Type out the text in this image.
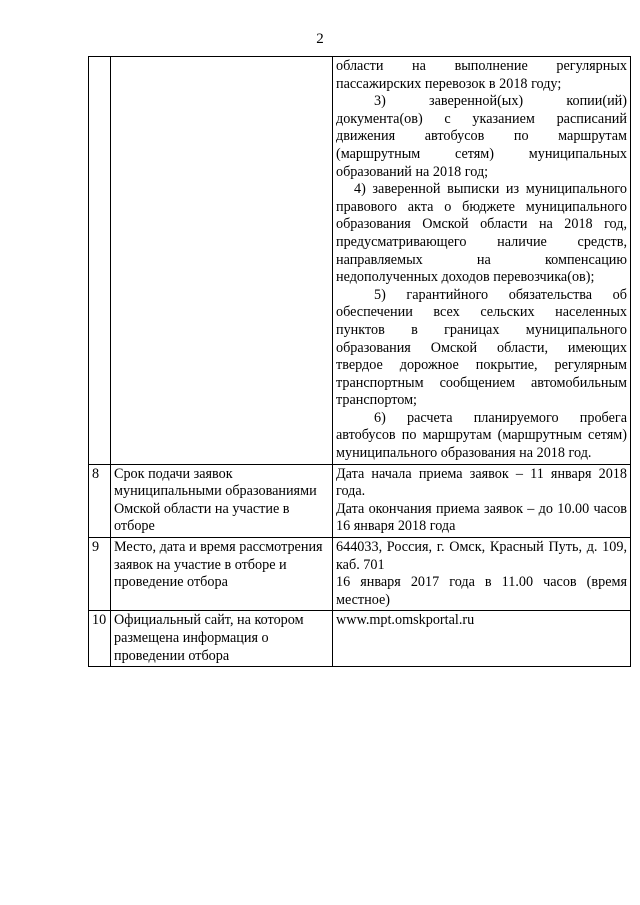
2

		области на выполнение регулярных пассажирских перевозок в 2018 году;
3) заверенной(ых) копии(ий) документа(ов) с указанием расписаний движения автобусов по маршрутам (маршрутным сетям) муниципальных образований на 2018 год;
4) заверенной выписки из муниципального правового акта о бюджете муниципального образования Омской области на 2018 год, предусматривающего наличие средств, направляемых на компенсацию недополученных доходов перевозчика(ов);
5) гарантийного обязательства об обеспечении всех сельских населенных пунктов в границах муниципального образования Омской области, имеющих твердое дорожное покрытие, регулярным транспортным сообщением автомобильным транспортом;
6) расчета планируемого пробега автобусов по маршрутам (маршрутным сетям) муниципального образования на 2018 год.

8	Срок подачи заявок муниципальными образованиями Омской области на участие в отборе	Дата начала приема заявок – 11 января 2018 года.
Дата окончания приема заявок – до 10.00 часов 16 января 2018 года

9	Место, дата и время рассмотрения заявок на участие в отборе и проведение отбора	644033, Россия, г. Омск, Красный Путь, д. 109, каб. 701
16 января 2017 года в 11.00 часов (время местное)

10	Официальный сайт, на котором размещена информация о проведении отбора	www.mpt.omskportal.ru
